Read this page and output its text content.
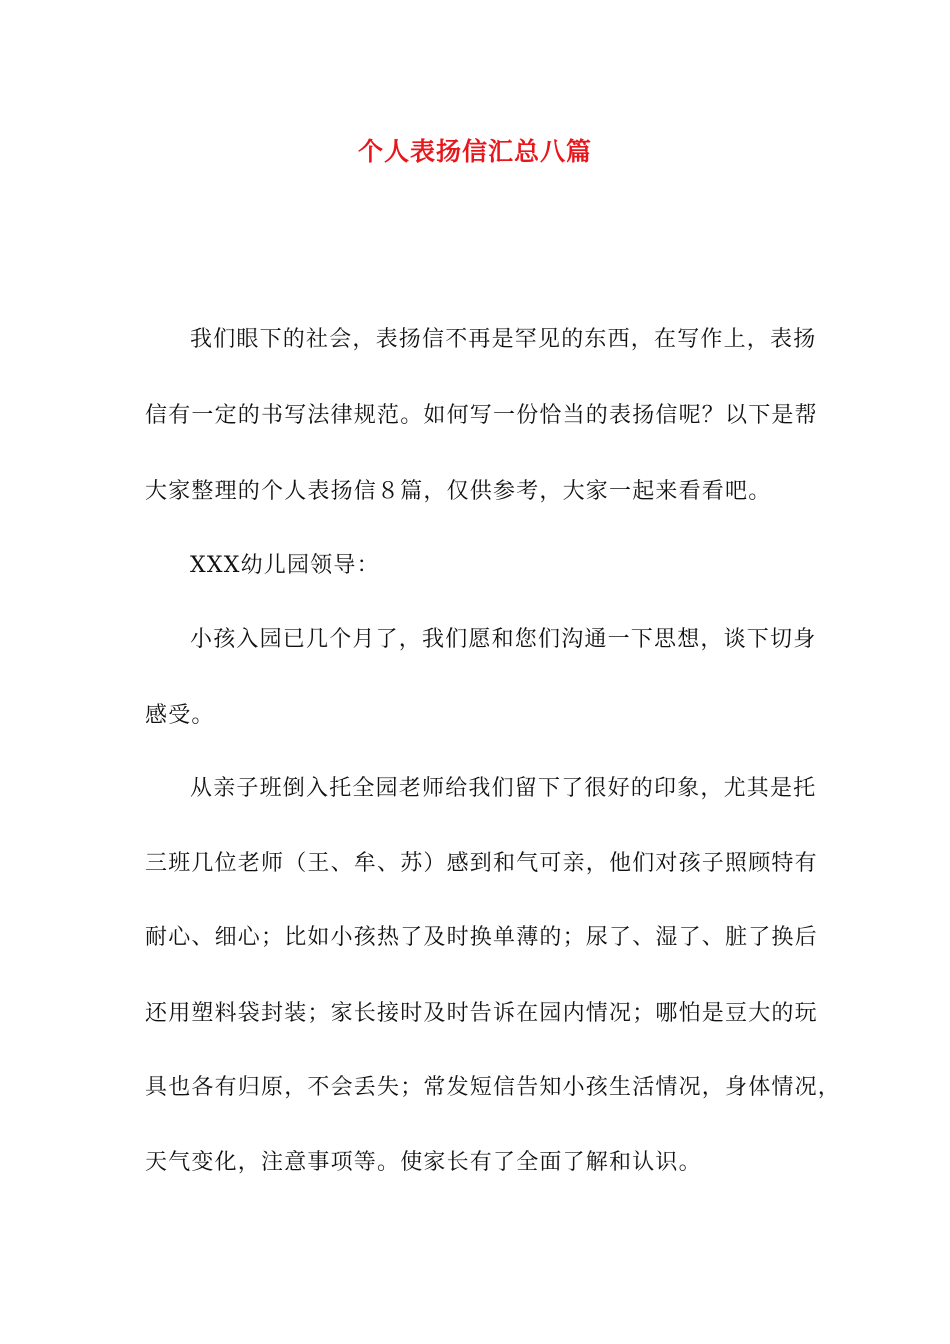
个人表扬信汇总八篇
我们眼下的社会，表扬信不再是罕见的东西，在写作上，表扬
信有一定的书写法律规范。如何写一份恰当的表扬信呢？以下是帮
大家整理的个人表扬信８篇，仅供参考，大家一起来看看吧。
XXX幼儿园领导：
小孩入园已几个月了，我们愿和您们沟通一下思想，谈下切身
感受。
从亲子班倒入托全园老师给我们留下了很好的印象，尤其是托
三班几位老师（王、牟、苏）感到和气可亲，他们对孩子照顾特有
耐心、细心；比如小孩热了及时换单薄的；尿了、湿了、脏了换后
还用塑料袋封装；家长接时及时告诉在园内情况；哪怕是豆大的玩
具也各有归原，不会丢失；常发短信告知小孩生活情况，身体情况，
天气变化，注意事项等。使家长有了全面了解和认识。
